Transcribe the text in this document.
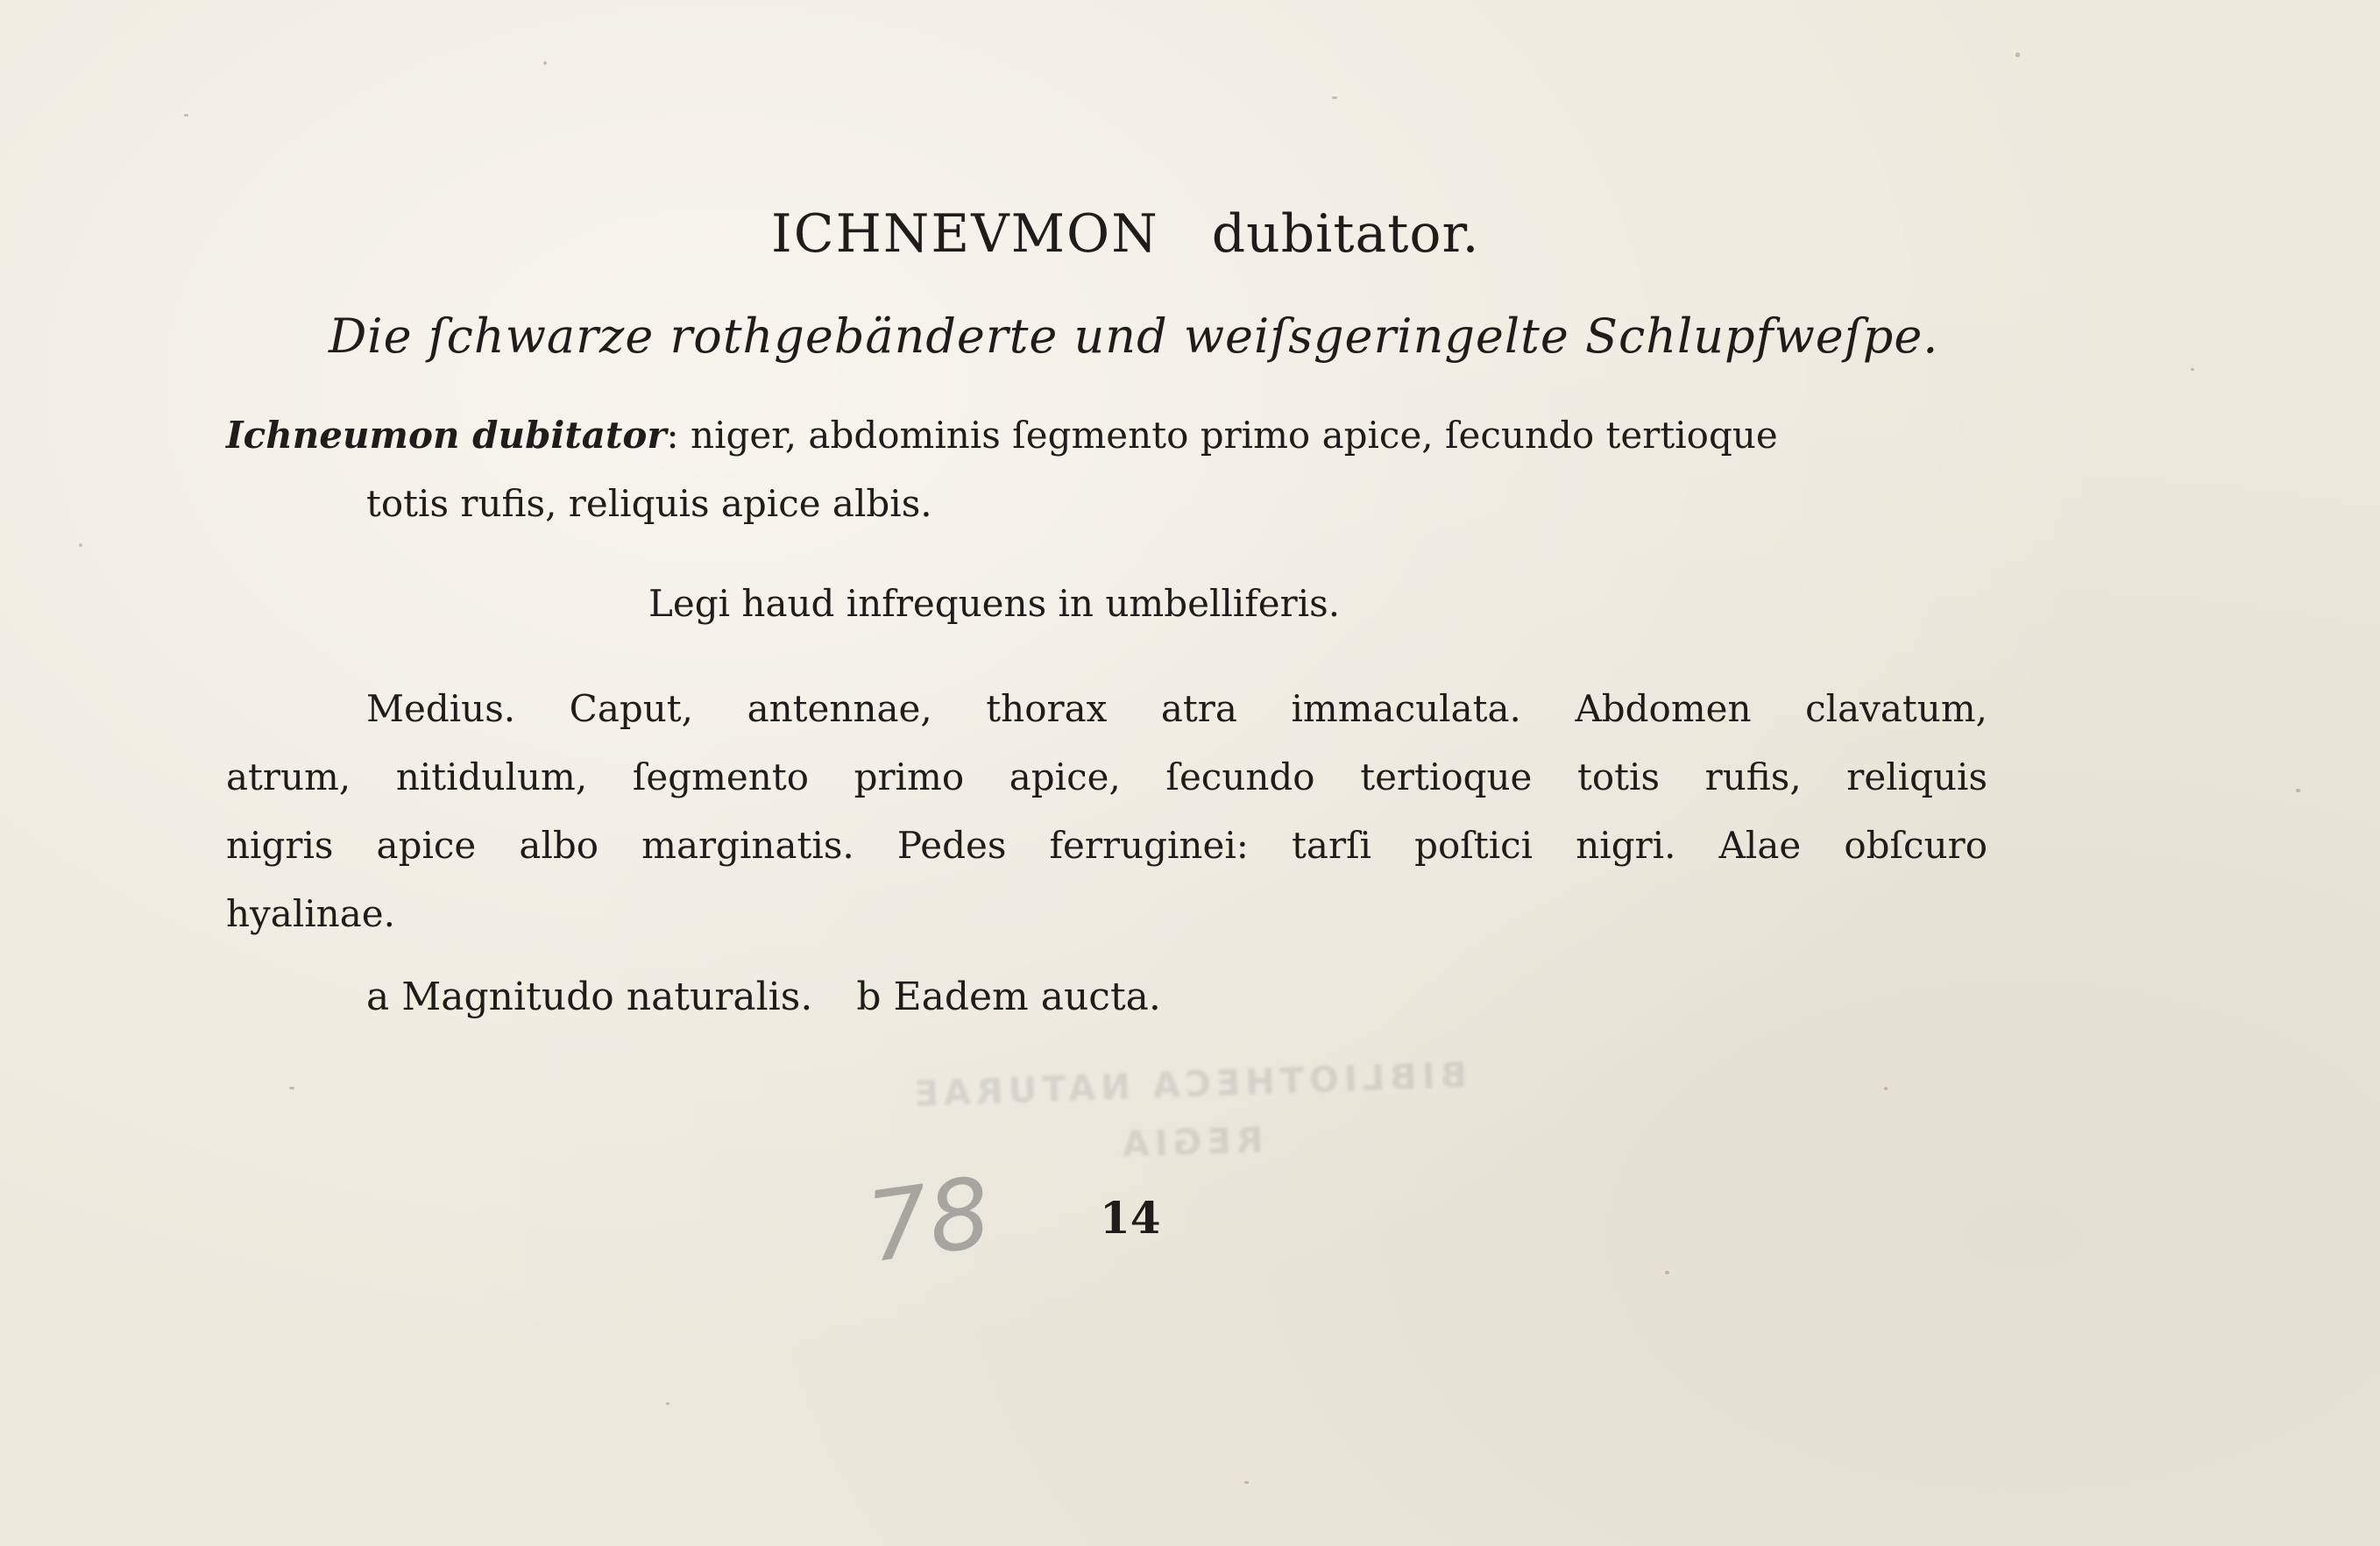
BIBLIOTHECA NATURAE REGIA
ICHNEVMON dubitator.
Die ſchwarze rothgebänderte und weiſsgeringelte Schlupfweſpe.
Ichneumon dubitator: niger, abdominis ſegmento primo apice, ſecundo tertioque
totis rufis, reliquis apice albis.
Legi haud infrequens in umbelliferis.
Medius. Caput, antennae, thorax atra immaculata. Abdomen clavatum,
atrum, nitidulum, ſegmento primo apice, ſecundo tertioque totis rufis, reliquis
nigris apice albo marginatis. Pedes ferruginei: tarſi poſtici nigri. Alae obſcuro
hyalinae.
a Magnitudo naturalis. b Eadem aucta.
78 14
